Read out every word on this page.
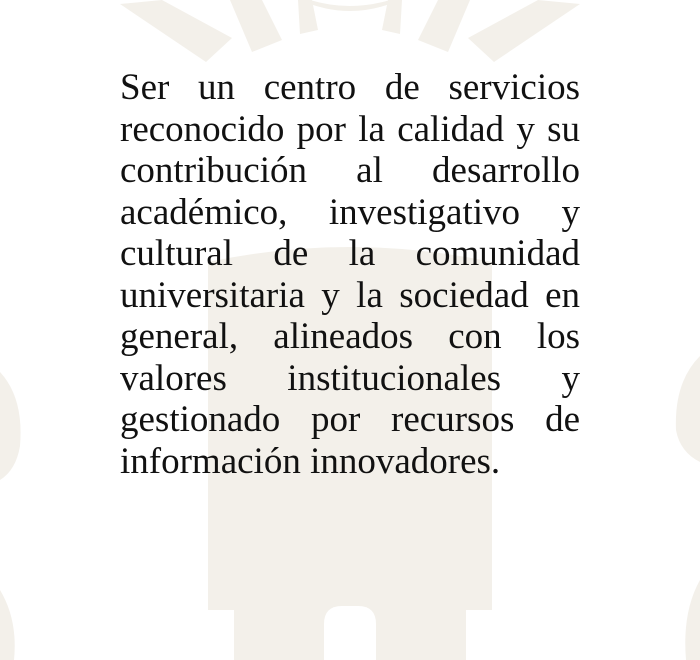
Ser un centro de servicios reconocido por la calidad y su contribución al desarrollo académico, investigativo y cultural de la comunidad universitaria y la sociedad en general, alineados con los valores institucionales y gestionado por recursos de información innovadores.
